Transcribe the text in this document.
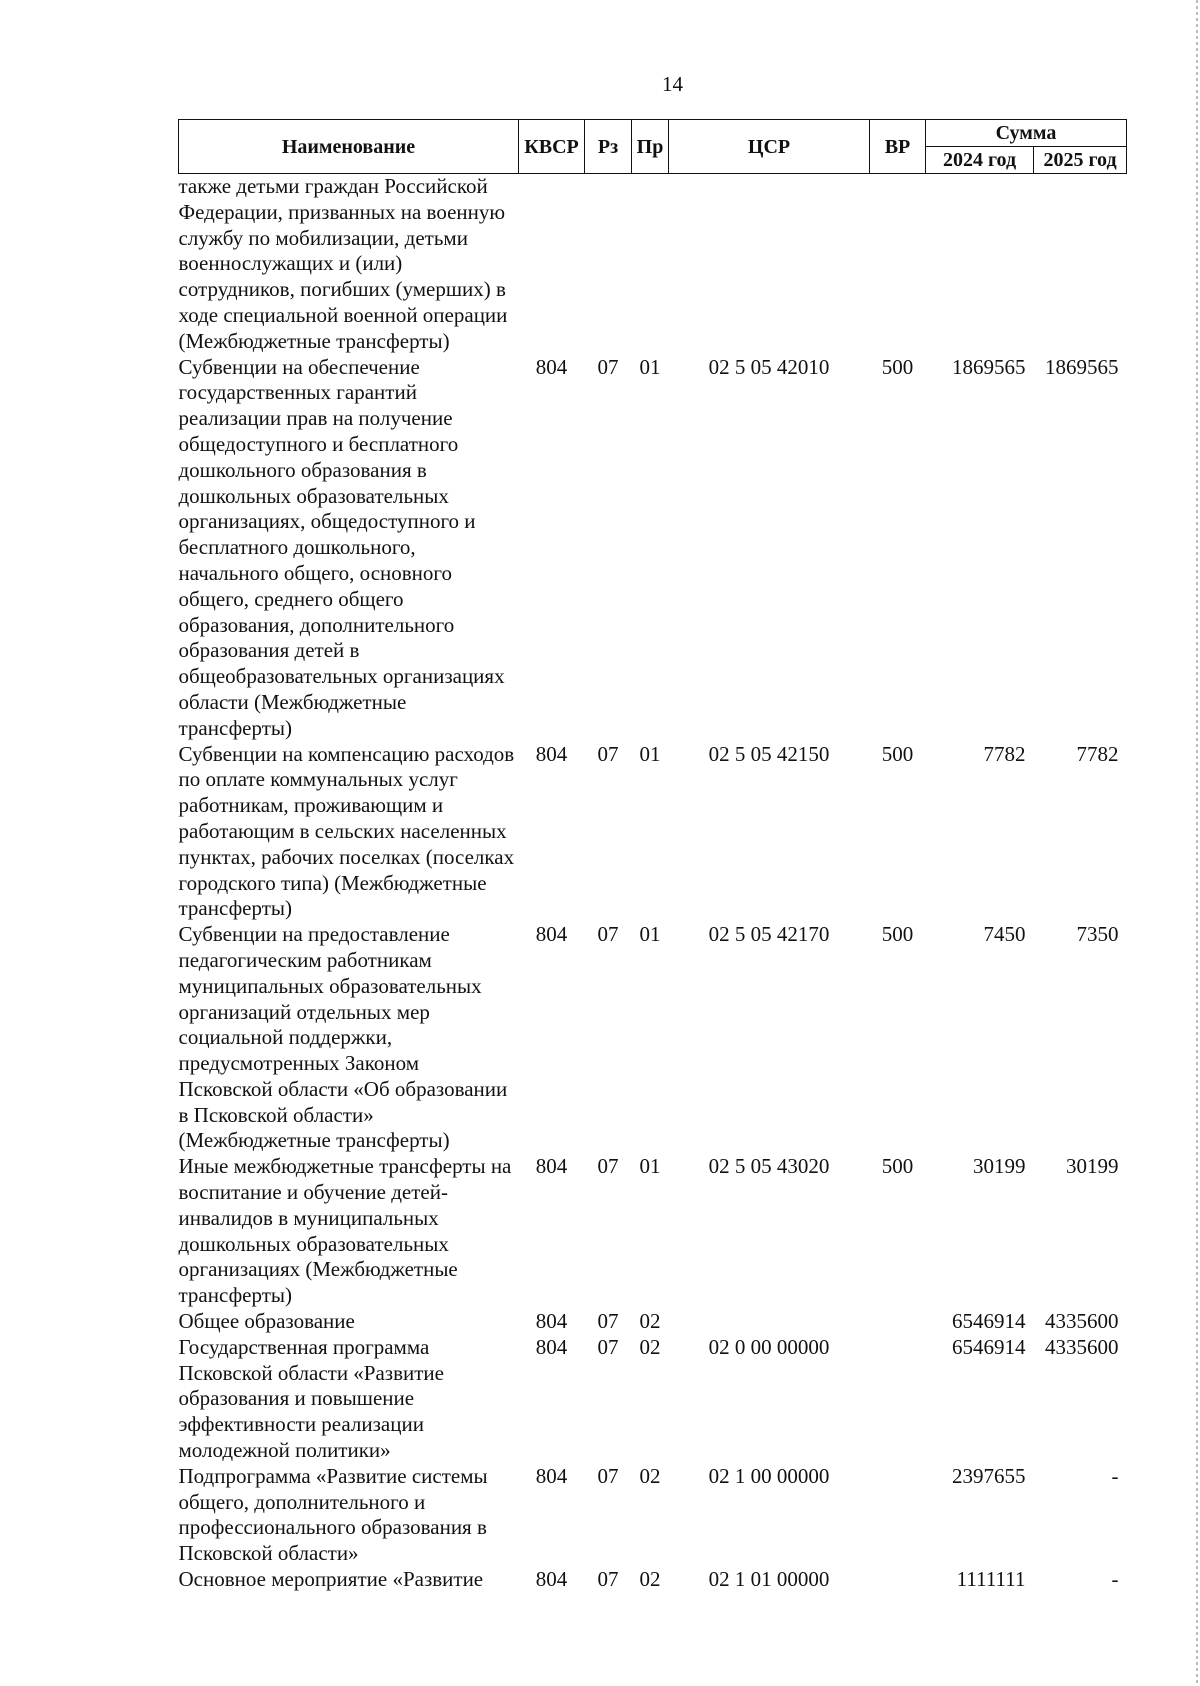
14
Наименование	КВСР	Рз	Пр	ЦСР	ВР	Сумма	
						2024 год	2025 год
также детьми граждан Российской Федерации, призванных на военную службу по мобилизации, детьми военнослужащих и (или) сотрудников, погибших (умерших) в ходе специальной военной операции (Межбюджетные трансферты)							
Субвенции на обеспечение государственных гарантий реализации прав на получение общедоступного и бесплатного дошкольного образования в дошкольных образовательных организациях, общедоступного и бесплатного дошкольного, начального общего, основного общего, среднего общего образования, дополнительного образования детей в общеобразовательных организациях области (Межбюджетные трансферты)	804	07	01	02 5 05 42010	500	1869565	1869565
Субвенции на компенсацию расходов по оплате коммунальных услуг работникам, проживающим и работающим в сельских населенных пунктах, рабочих поселках (поселках городского типа) (Межбюджетные трансферты)	804	07	01	02 5 05 42150	500	7782	7782
Субвенции на предоставление педагогическим работникам муниципальных образовательных организаций отдельных мер социальной поддержки, предусмотренных Законом Псковской области «Об образовании в Псковской области» (Межбюджетные трансферты)	804	07	01	02 5 05 42170	500	7450	7350
Иные межбюджетные трансферты на воспитание и обучение детей-инвалидов в муниципальных дошкольных образовательных организациях (Межбюджетные трансферты)	804	07	01	02 5 05 43020	500	30199	30199
Общее образование	804	07	02			6546914	4335600
Государственная программа Псковской области «Развитие образования и повышение эффективности реализации молодежной политики»	804	07	02	02 0 00 00000		6546914	4335600
Подпрограмма «Развитие системы общего, дополнительного и профессионального образования в Псковской области»	804	07	02	02 1 00 00000		2397655	-
Основное мероприятие «Развитие	804	07	02	02 1 01 00000		1111111	-
